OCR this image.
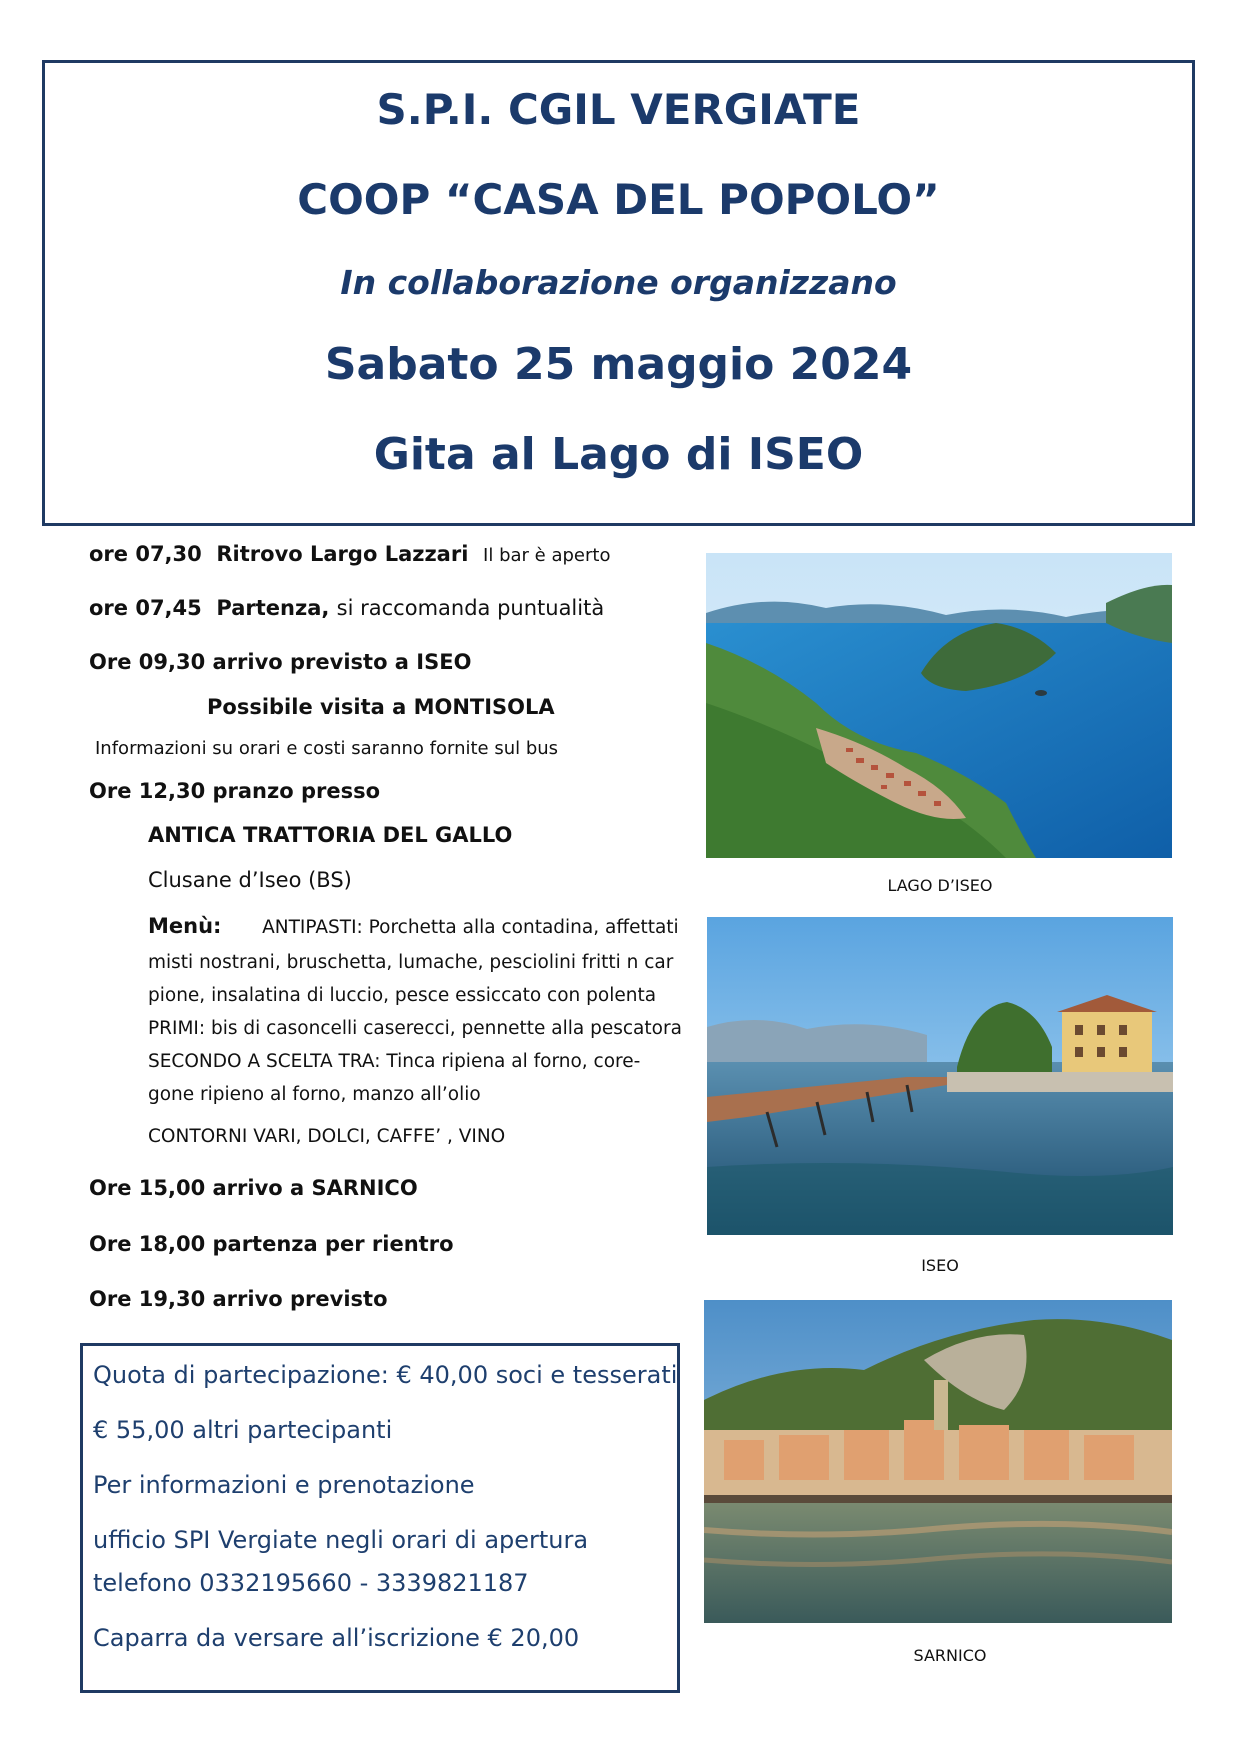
S.P.I. CGIL VERGIATE
COOP “CASA DEL POPOLO”
In collaborazione organizzano
Sabato 25 maggio 2024
Gita al Lago di ISEO
ore 07,30 Ritrovo Largo Lazzari Il bar è aperto
ore 07,45 Partenza, si raccomanda puntualità
Ore 09,30 arrivo previsto a ISEO
Possibile visita a MONTISOLA
Informazioni su orari e costi saranno fornite sul bus
Ore 12,30 pranzo presso
ANTICA TRATTORIA DEL GALLO
Clusane d’Iseo (BS)
Menù: ANTIPASTI: Porchetta alla contadina, affettati
misti nostrani, bruschetta, lumache, pesciolini fritti n car
pione, insalatina di luccio, pesce essiccato con polenta
PRIMI: bis di casoncelli caserecci, pennette alla pescatora
SECONDO A SCELTA TRA: Tinca ripiena al forno, core-
gone ripieno al forno, manzo all’olio
CONTORNI VARI, DOLCI, CAFFE’ , VINO
Ore 15,00 arrivo a SARNICO
Ore 18,00 partenza per rientro
Ore 19,30 arrivo previsto
Quota di partecipazione: € 40,00 soci e tesserati
€ 55,00 altri partecipanti
Per informazioni e prenotazione
ufficio SPI Vergiate negli orari di apertura
telefono 0332195660 - 3339821187
Caparra da versare all’iscrizione € 20,00
LAGO D’ISEO
ISEO
SARNICO
